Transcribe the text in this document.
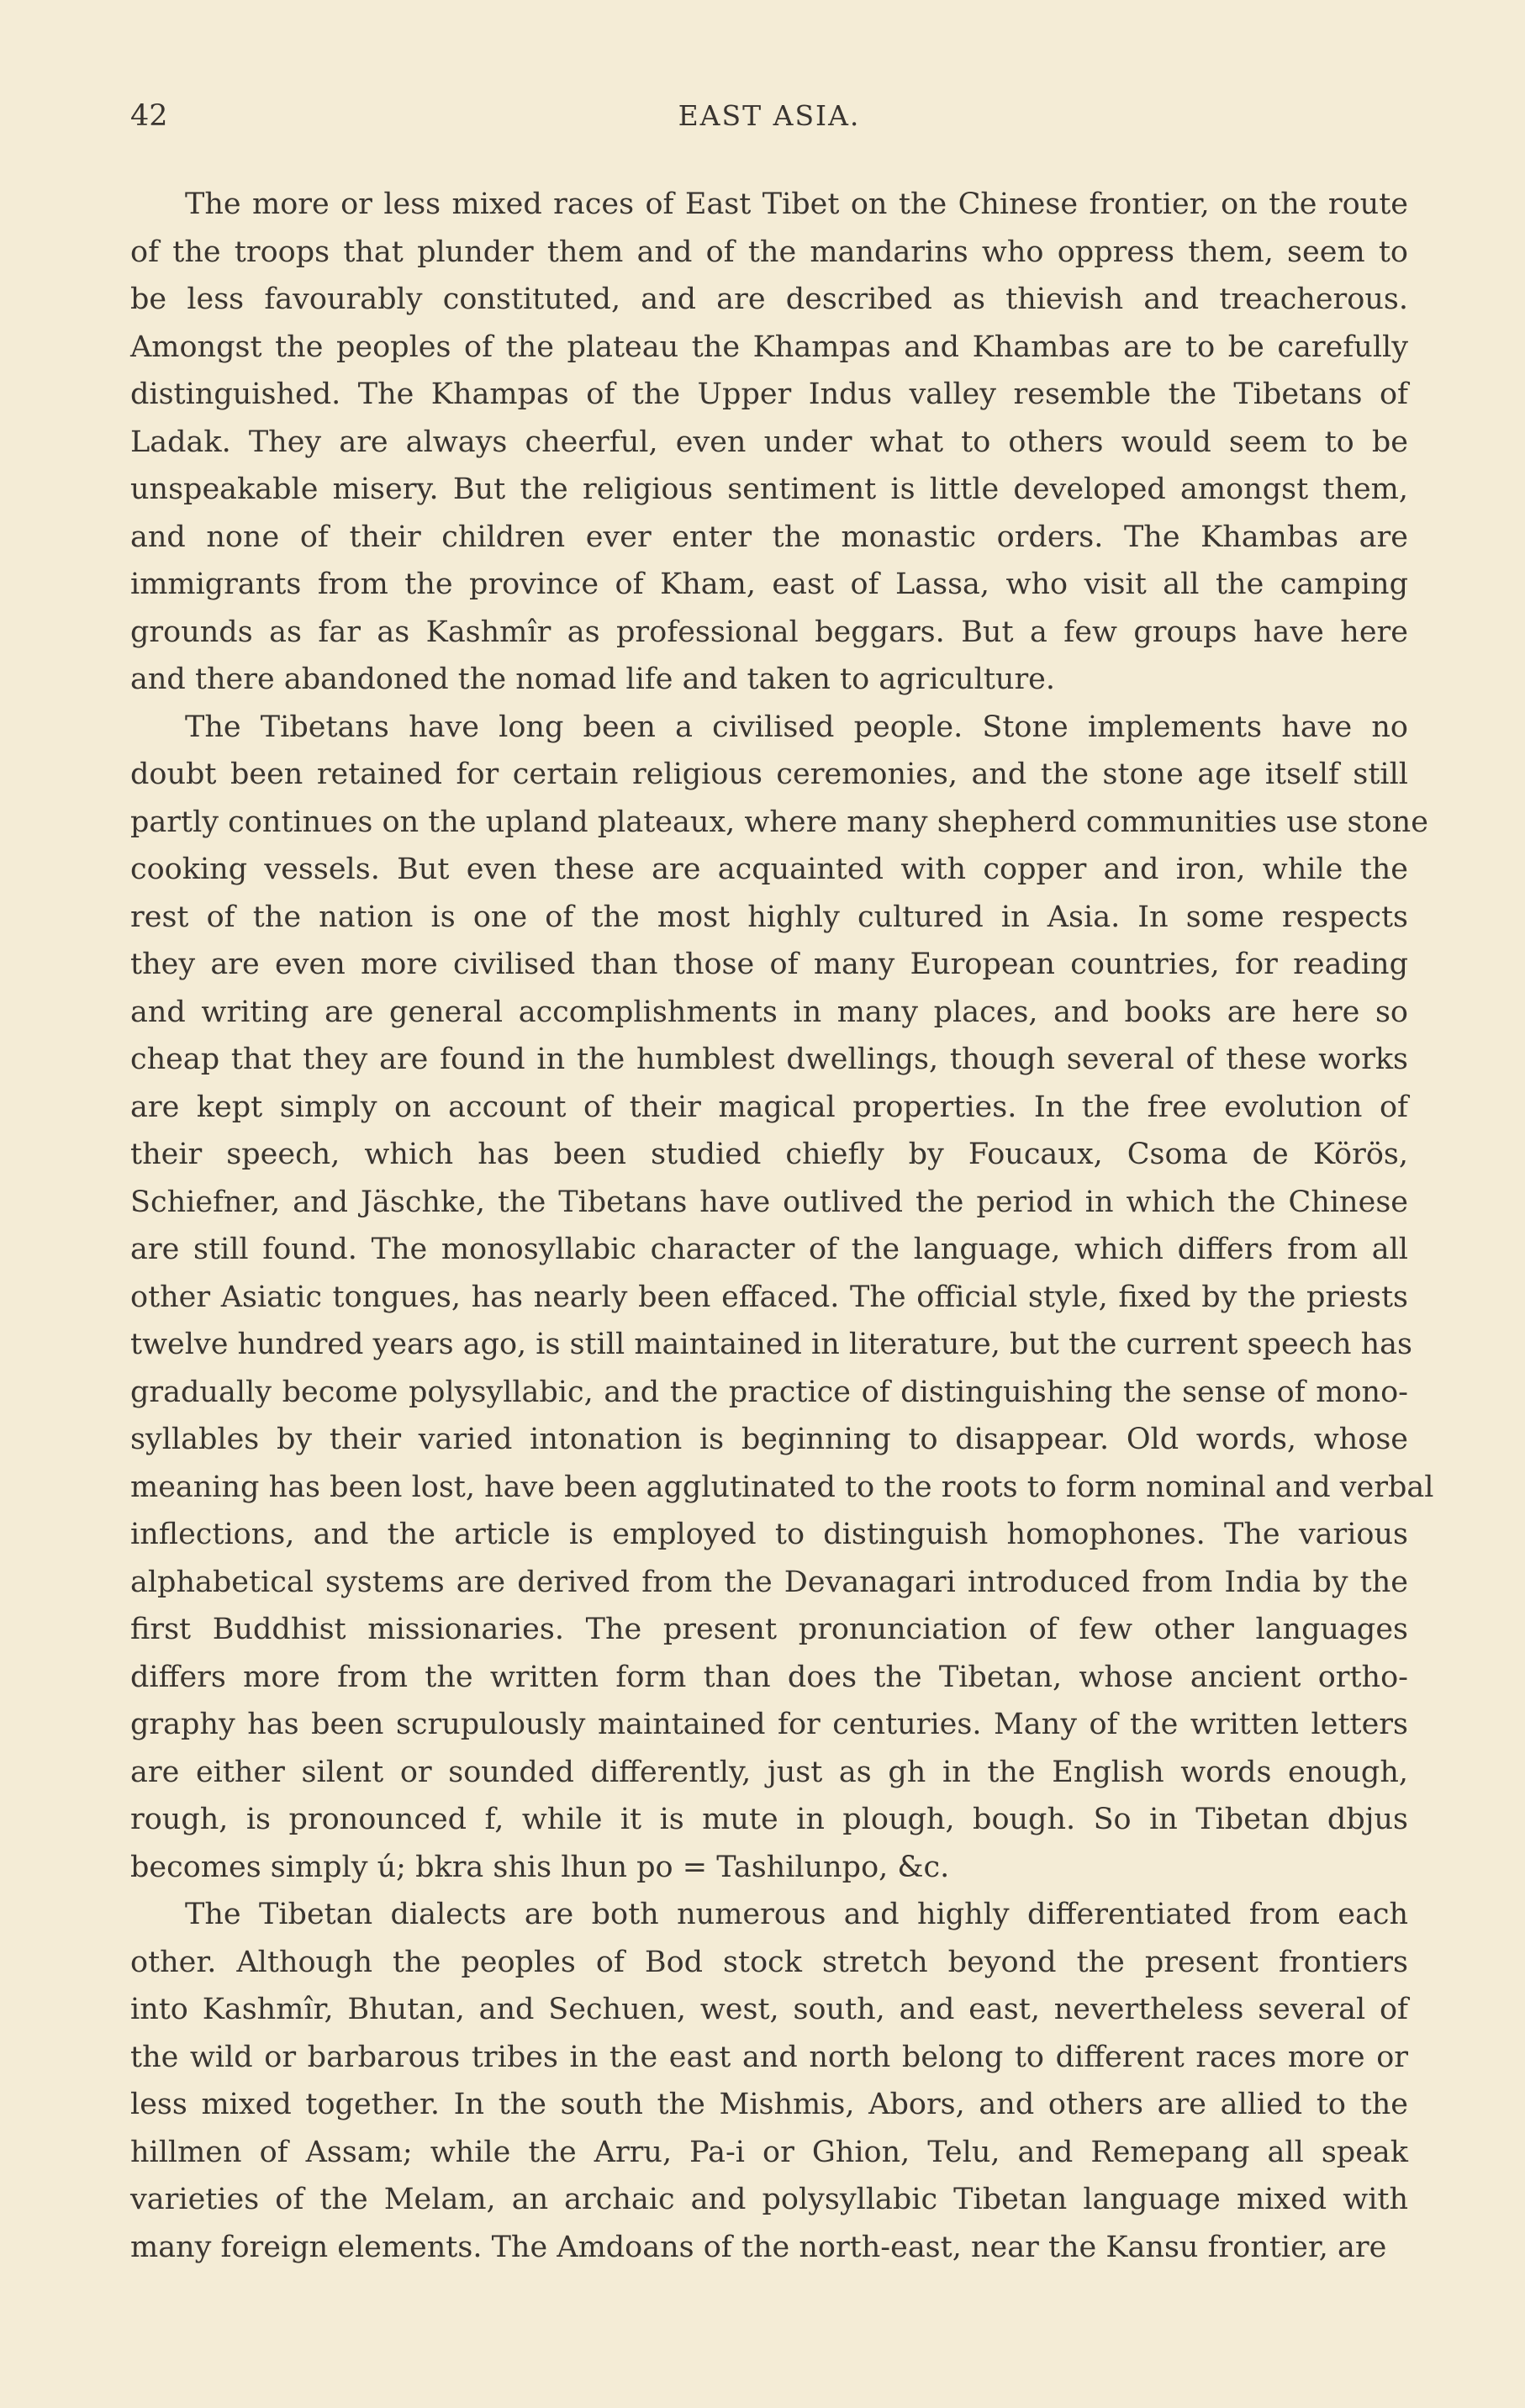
42	EAST ASIA.
The more or less mixed races of East Tibet on the Chinese frontier, on the route
of the troops that plunder them and of the mandarins who oppress them, seem to
be less favourably constituted, and are described as thievish and treacherous.
Amongst the peoples of the plateau the Khampas and Khambas are to be carefully
distinguished. The Khampas of the Upper Indus valley resemble the Tibetans of
Ladak. They are always cheerful, even under what to others would seem to be
unspeakable misery. But the religious sentiment is little developed amongst them,
and none of their children ever enter the monastic orders. The Khambas are
immigrants from the province of Kham, east of Lassa, who visit all the camping
grounds as far as Kashmîr as professional beggars. But a few groups have here
and there abandoned the nomad life and taken to agriculture.
The Tibetans have long been a civilised people. Stone implements have no
doubt been retained for certain religious ceremonies, and the stone age itself still
partly continues on the upland plateaux, where many shepherd communities use stone
cooking vessels. But even these are acquainted with copper and iron, while the
rest of the nation is one of the most highly cultured in Asia. In some respects
they are even more civilised than those of many European countries, for reading
and writing are general accomplishments in many places, and books are here so
cheap that they are found in the humblest dwellings, though several of these works
are kept simply on account of their magical properties. In the free evolution of
their speech, which has been studied chiefly by Foucaux, Csoma de Körös,
Schiefner, and Jäschke, the Tibetans have outlived the period in which the Chinese
are still found. The monosyllabic character of the language, which differs from all
other Asiatic tongues, has nearly been effaced. The official style, fixed by the priests
twelve hundred years ago, is still maintained in literature, but the current speech has
gradually become polysyllabic, and the practice of distinguishing the sense of mono-
syllables by their varied intonation is beginning to disappear. Old words, whose
meaning has been lost, have been agglutinated to the roots to form nominal and verbal
inflections, and the article is employed to distinguish homophones. The various
alphabetical systems are derived from the Devanagari introduced from India by the
first Buddhist missionaries. The present pronunciation of few other languages
differs more from the written form than does the Tibetan, whose ancient ortho-
graphy has been scrupulously maintained for centuries. Many of the written letters
are either silent or sounded differently, just as gh in the English words enough,
rough, is pronounced f, while it is mute in plough, bough. So in Tibetan dbjus
becomes simply ú; bkra shis lhun po = Tashilunpo, &c.
The Tibetan dialects are both numerous and highly differentiated from each
other. Although the peoples of Bod stock stretch beyond the present frontiers
into Kashmîr, Bhutan, and Sechuen, west, south, and east, nevertheless several of
the wild or barbarous tribes in the east and north belong to different races more or
less mixed together. In the south the Mishmis, Abors, and others are allied to the
hillmen of Assam; while the Arru, Pa-i or Ghion, Telu, and Remepang all speak
varieties of the Melam, an archaic and polysyllabic Tibetan language mixed with
many foreign elements. The Amdoans of the north-east, near the Kansu frontier, are
